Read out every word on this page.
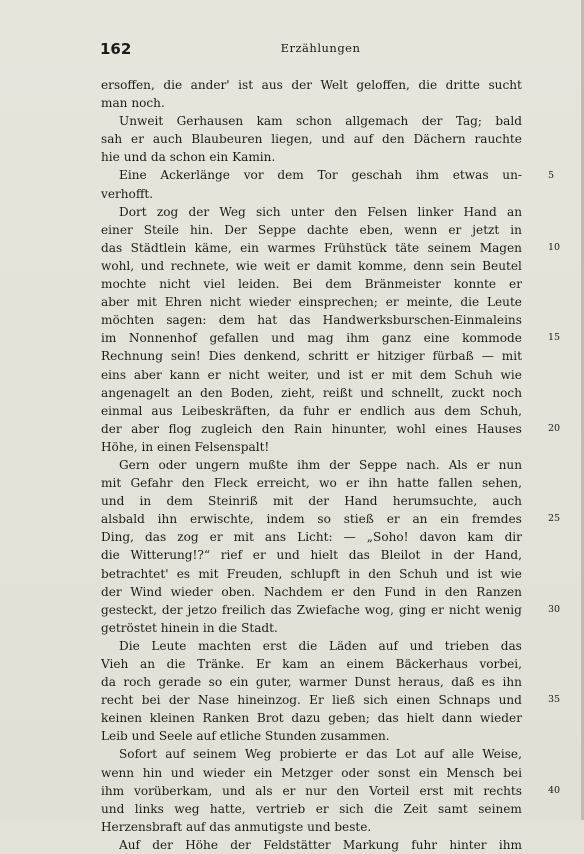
162	Erzählungen
ersoffen, die ander' ist aus der Welt geloffen, die dritte sucht
man noch.
Unweit Gerhausen kam schon allgemach der Tag; bald
sah er auch Blaubeuren liegen, und auf den Dächern rauchte
hie und da schon ein Kamin.
Eine Ackerlänge vor dem Tor geschah ihm etwas un-
verhofft.
Dort zog der Weg sich unter den Felsen linker Hand an
einer Steile hin. Der Seppe dachte eben, wenn er jetzt in
das Städtlein käme, ein warmes Frühstück täte seinem Magen
wohl, und rechnete, wie weit er damit komme, denn sein Beutel
mochte nicht viel leiden. Bei dem Bränmeister konnte er
aber mit Ehren nicht wieder einsprechen; er meinte, die Leute
möchten sagen: dem hat das Handwerksburschen-Einmaleins
im Nonnenhof gefallen und mag ihm ganz eine kommode
Rechnung sein! Dies denkend, schritt er hitziger fürbaß — mit
eins aber kann er nicht weiter, und ist er mit dem Schuh wie
angenagelt an den Boden, zieht, reißt und schnellt, zuckt noch
einmal aus Leibeskräften, da fuhr er endlich aus dem Schuh,
der aber flog zugleich den Rain hinunter, wohl eines Hauses
Höhe, in einen Felsenspalt!
Gern oder ungern mußte ihm der Seppe nach. Als er nun
mit Gefahr den Fleck erreicht, wo er ihn hatte fallen sehen,
und in dem Steinriß mit der Hand herumsuchte, auch
alsbald ihn erwischte, indem so stieß er an ein fremdes
Ding, das zog er mit ans Licht: — „Soho! davon kam dir
die Witterung!?“ rief er und hielt das Bleilot in der Hand,
betrachtet' es mit Freuden, schlupft in den Schuh und ist wie
der Wind wieder oben. Nachdem er den Fund in den Ranzen
gesteckt, der jetzo freilich das Zwiefache wog, ging er nicht wenig
getröstet hinein in die Stadt.
Die Leute machten erst die Läden auf und trieben das
Vieh an die Tränke. Er kam an einem Bäckerhaus vorbei,
da roch gerade so ein guter, warmer Dunst heraus, daß es ihn
recht bei der Nase hineinzog. Er ließ sich einen Schnaps und
keinen kleinen Ranken Brot dazu geben; das hielt dann wieder
Leib und Seele auf etliche Stunden zusammen.
Sofort auf seinem Weg probierte er das Lot auf alle Weise,
wenn hin und wieder ein Metzger oder sonst ein Mensch bei
ihm vorüberkam, und als er nur den Vorteil erst mit rechts
und links weg hatte, vertrieb er sich die Zeit samt seinem
Herzensbraft auf das anmutigste und beste.
Auf der Höhe der Feldstätter Markung fuhr hinter ihm
5
10
15
20
25
30
35
40
